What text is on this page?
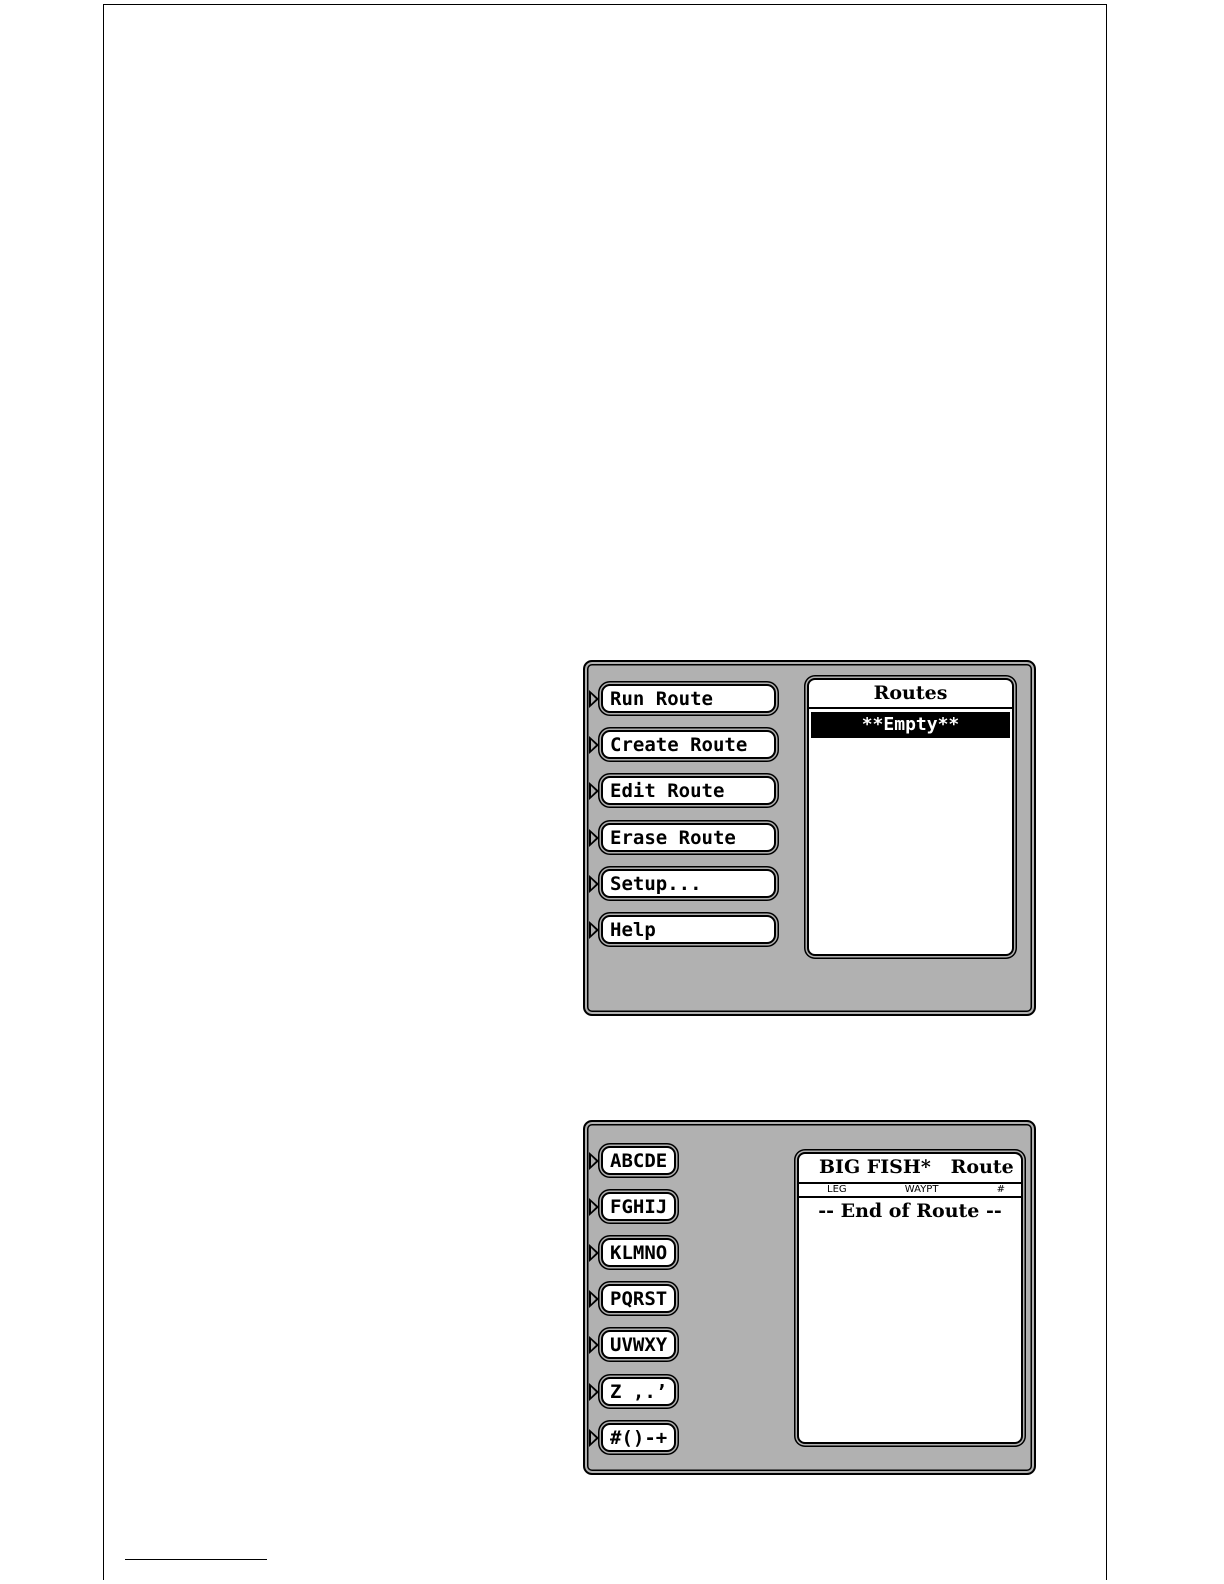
Run Route
Create Route
Edit Route
Erase Route
Setup...
Help
Routes
**Empty**
ABCDE
FGHIJ
KLMNO
PQRST
UVWXY
Z ,.’
#()-+
BIG FISH*   Route
LEG	WAYPT	#
-- End of Route --
